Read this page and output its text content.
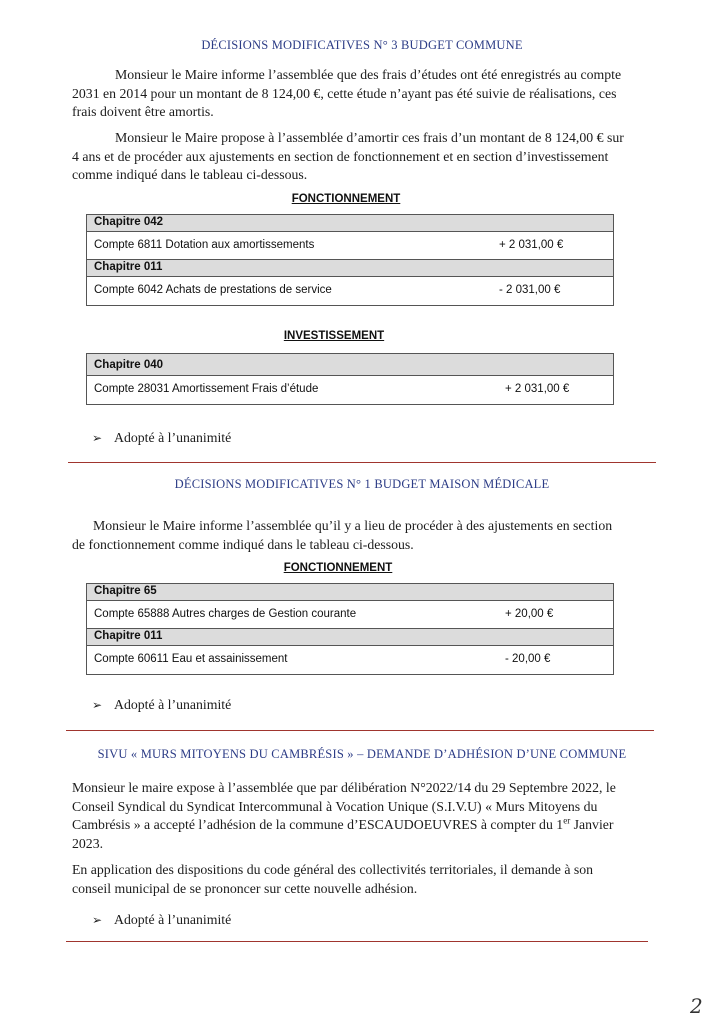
DÉCISIONS MODIFICATIVES N° 3 BUDGET COMMUNE
Monsieur le Maire informe l’assemblée que des frais d’études ont été enregistrés au compte
2031 en 2014 pour un montant de 8 124,00 €, cette étude n’ayant pas été suivie de réalisations, ces
frais doivent être amortis.
Monsieur le Maire propose à l’assemblée d’amortir ces frais d’un montant de 8 124,00 € sur
4 ans et de procéder aux ajustements en section de fonctionnement et en section d’investissement
comme indiqué dans le tableau ci-dessous.
FONCTIONNEMENT
Chapitre 042
Compte 6811 Dotation aux amortissements	+ 2 031,00 €
Chapitre 011
Compte 6042 Achats de prestations de service	- 2 031,00 €
INVESTISSEMENT
Chapitre 040
Compte 28031 Amortissement Frais d’étude	+ 2 031,00 €
➢ Adopté à l’unanimité
DÉCISIONS MODIFICATIVES N° 1 BUDGET MAISON MÉDICALE
Monsieur le Maire informe l’assemblée qu’il y a lieu de procéder à des ajustements en section
de fonctionnement comme indiqué dans le tableau ci-dessous.
FONCTIONNEMENT
Chapitre 65
Compte 65888 Autres charges de Gestion courante	+ 20,00 €
Chapitre 011
Compte 60611 Eau et assainissement	- 20,00 €
➢ Adopté à l’unanimité
SIVU « MURS MITOYENS DU CAMBRÉSIS » – DEMANDE D’ADHÉSION D’UNE COMMUNE
Monsieur le maire expose à l’assemblée que par délibération N°2022/14 du 29 Septembre 2022, le
Conseil Syndical du Syndicat Intercommunal à Vocation Unique (S.I.V.U) « Murs Mitoyens du
Cambrésis » a accepté l’adhésion de la commune d’ESCAUDOEUVRES à compter du 1er Janvier
2023.
En application des dispositions du code général des collectivités territoriales, il demande à son
conseil municipal de se prononcer sur cette nouvelle adhésion.
➢ Adopté à l’unanimité
2
